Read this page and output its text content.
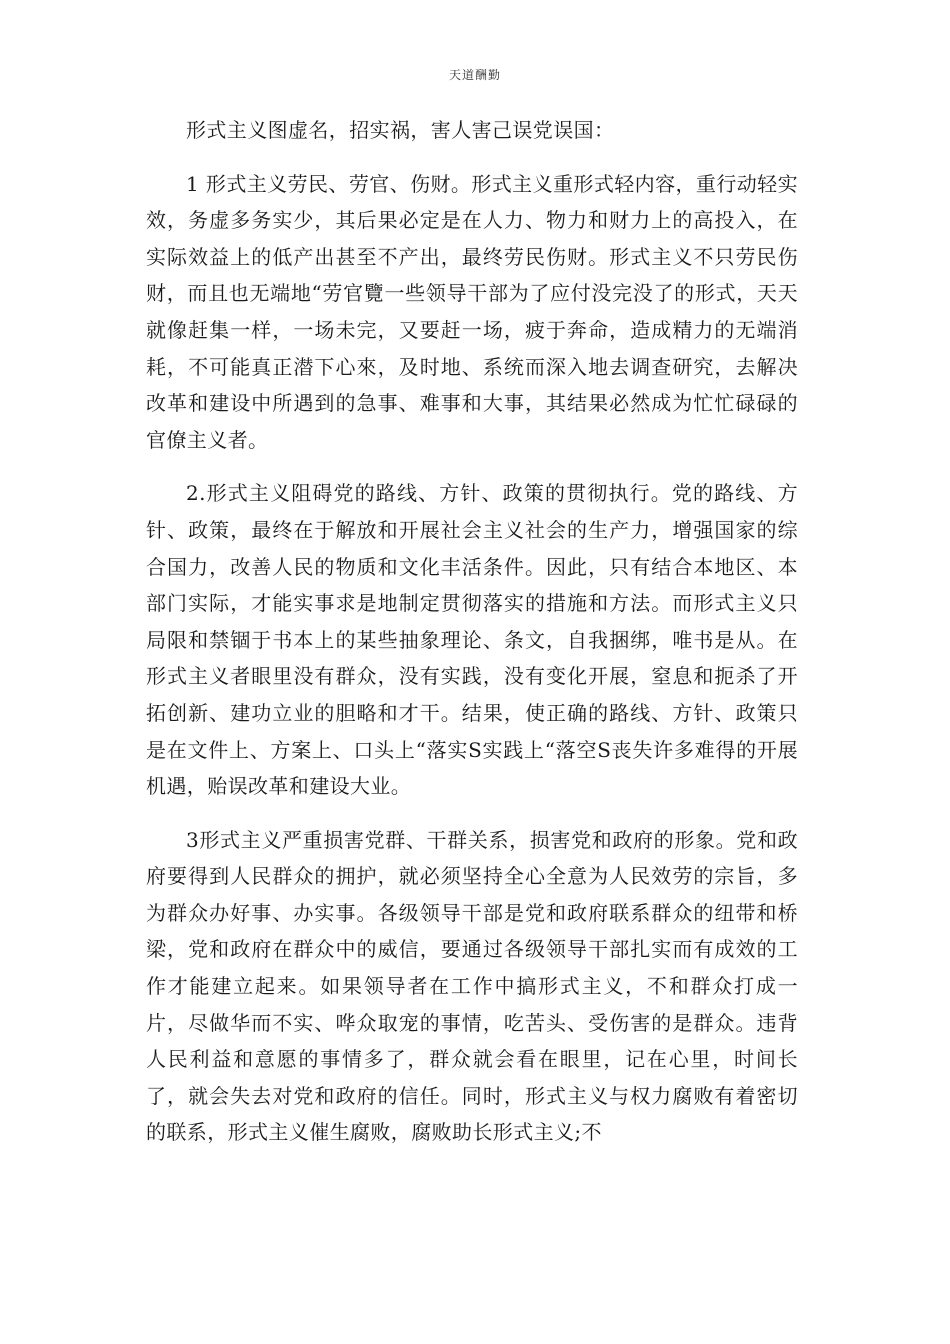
天道酬勤

形式主义图虚名，招实祸，害人害己误党误国：

1 形式主义劳民、劳官、伤财。形式主义重形式轻内容，重行动轻实效，务虚多务实少，其后果必定是在人力、物力和财力上的高投入，在实际效益上的低产出甚至不产出，最终劳民伤财。形式主义不只劳民伤财，而且也无端地“劳官覽一些领导干部为了应付没完没了的形式，天天就像赶集一样，一场未完，又要赶一场，疲于奔命，造成精力的无端消耗，不可能真正潜下心來，及时地、系统而深入地去调查研究，去解决改革和建设中所遇到的急事、难事和大事，其结果必然成为忙忙碌碌的官僚主义者。

2.形式主义阻碍党的路线、方针、政策的贯彻执行。党的路线、方针、政策，最终在于解放和开展社会主义社会的生产力，增强国家的综合国力，改善人民的物质和文化丰活条件。因此，只有结合本地区、本部门实际，才能实事求是地制定贯彻落实的措施和方法。而形式主义只局限和禁锢于书本上的某些抽象理论、条文，自我捆绑，唯书是从。在形式主义者眼里没有群众，没有实践，没有变化开展，窒息和扼杀了开拓创新、建功立业的胆略和才干。结果，使正确的路线、方针、政策只是在文件上、方案上、口头上“落实S实践上“落空S丧失许多难得的开展机遇，贻误改革和建设大业。

3形式主义严重损害党群、干群关系，损害党和政府的形象。党和政府要得到人民群众的拥护，就必须坚持全心全意为人民效劳的宗旨，多为群众办好事、办实事。各级领导干部是党和政府联系群众的纽带和桥梁，党和政府在群众中的威信，要通过各级领导干部扎实而有成效的工作才能建立起来。如果领导者在工作中搞形式主义，不和群众打成一片，尽做华而不实、哗众取宠的事情，吃苦头、受伤害的是群众。违背人民利益和意愿的事情多了，群众就会看在眼里，记在心里，时间长了，就会失去对党和政府的信任。同时，形式主义与权力腐败有着密切的联系，形式主义催生腐败，腐败助长形式主义;不
